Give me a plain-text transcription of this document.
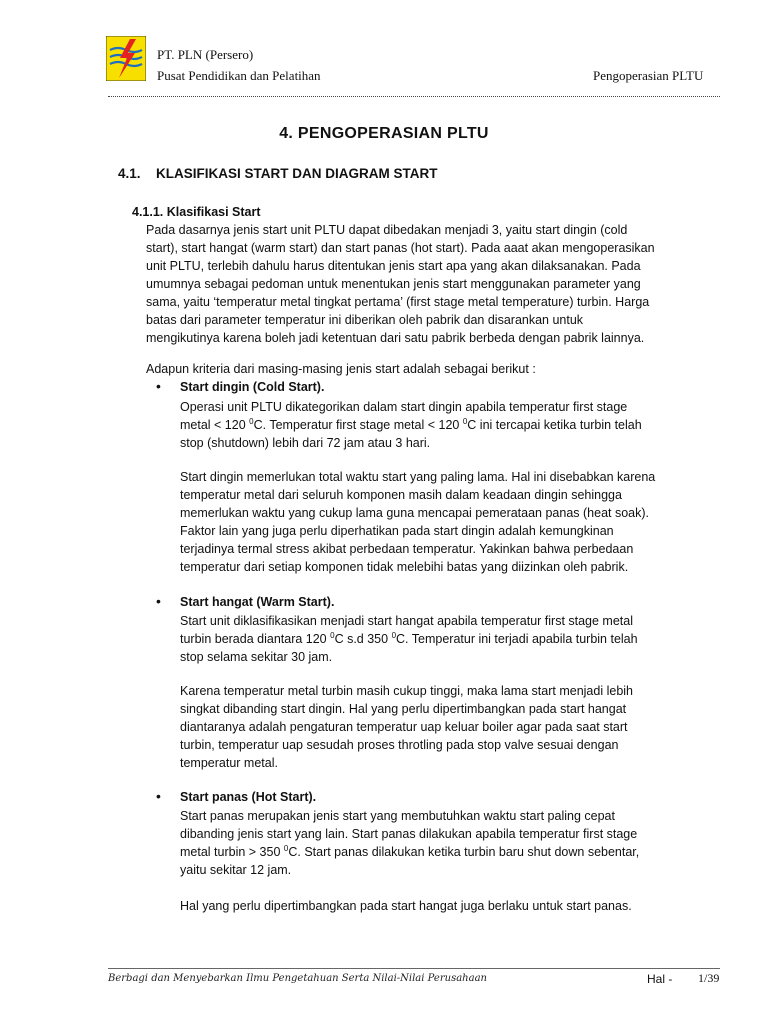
PT. PLN (Persero)
Pusat Pendidikan dan Pelatihan	Pengoperasian PLTU
4. PENGOPERASIAN PLTU
4.1. KLASIFIKASI START DAN DIAGRAM START
4.1.1. Klasifikasi Start
Pada dasarnya jenis start unit PLTU dapat dibedakan menjadi 3, yaitu start dingin (cold
start), start hangat (warm start) dan start panas (hot start). Pada aaat akan mengoperasikan
unit PLTU, terlebih dahulu harus ditentukan jenis start apa yang akan dilaksanakan. Pada
umumnya sebagai pedoman untuk menentukan jenis start menggunakan parameter yang
sama, yaitu ‘temperatur metal tingkat pertama’ (first stage metal temperature) turbin. Harga
batas dari parameter temperatur ini diberikan oleh pabrik dan disarankan untuk
mengikutinya karena boleh jadi ketentuan dari satu pabrik berbeda dengan pabrik lainnya.
Adapun kriteria dari masing-masing jenis start adalah sebagai berikut :
• Start dingin (Cold Start).
Operasi unit PLTU dikategorikan dalam start dingin apabila temperatur first stage
metal < 120 $^0$C. Temperatur first stage metal < 120 $^0$C ini tercapai ketika turbin telah
stop (shutdown) lebih dari 72 jam atau 3 hari.
Start dingin memerlukan total waktu start yang paling lama. Hal ini disebabkan karena
temperatur metal dari seluruh komponen masih dalam keadaan dingin sehingga
memerlukan waktu yang cukup lama guna mencapai pemerataan panas (heat soak).
Faktor lain yang juga perlu diperhatikan pada start dingin adalah kemungkinan
terjadinya termal stress akibat perbedaan temperatur. Yakinkan bahwa perbedaan
temperatur dari setiap komponen tidak melebihi batas yang diizinkan oleh pabrik.
• Start hangat (Warm Start).
Start unit diklasifikasikan menjadi start hangat apabila temperatur first stage metal
turbin berada diantara 120 $^0$C s.d 350 $^0$C. Temperatur ini terjadi apabila turbin telah
stop selama sekitar 30 jam.
Karena temperatur metal turbin masih cukup tinggi, maka lama start menjadi lebih
singkat dibanding start dingin. Hal yang perlu dipertimbangkan pada start hangat
diantaranya adalah pengaturan temperatur uap keluar boiler agar pada saat start
turbin, temperatur uap sesudah proses throtling pada stop valve sesuai dengan
temperatur metal.
• Start panas (Hot Start).
Start panas merupakan jenis start yang membutuhkan waktu start paling cepat
dibanding jenis start yang lain. Start panas dilakukan apabila temperatur first stage
metal turbin > 350 $^0$C. Start panas dilakukan ketika turbin baru shut down sebentar,
yaitu sekitar 12 jam.
Hal yang perlu dipertimbangkan pada start hangat juga berlaku untuk start panas.
Berbagi dan Menyebarkan Ilmu Pengetahuan Serta Nilai-Nilai Perusahaan	Hal - 1/39
